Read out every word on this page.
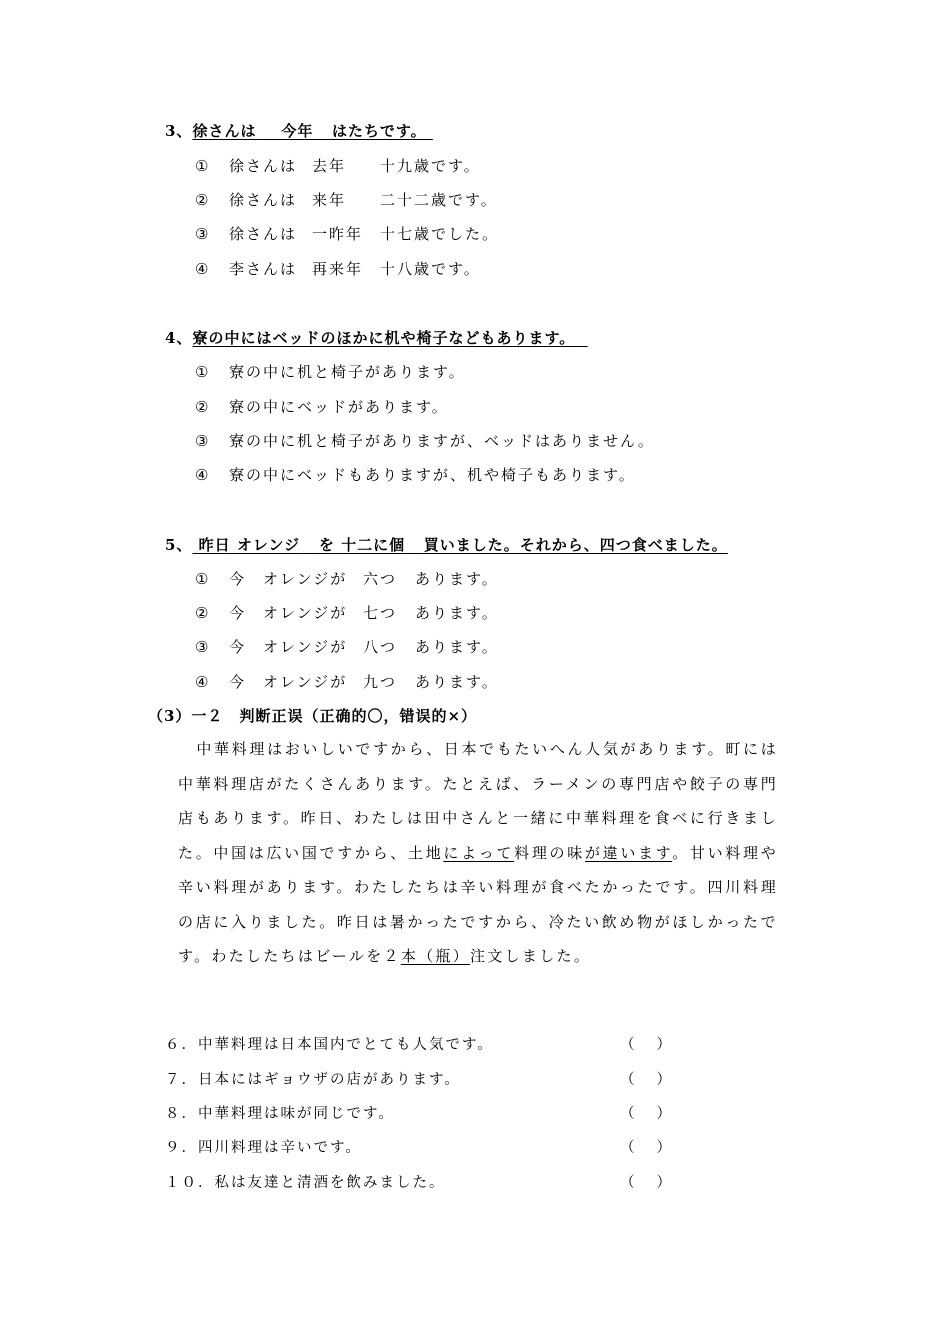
3、徐さんは 今年 はたちです。
① 徐さんは 去年 十九歳です。
② 徐さんは 来年 二十二歳です。
③ 徐さんは 一昨年 十七歳でした。
④ 李さんは 再来年 十八歳です。
4、寮の中にはベッドのほかに机や椅子などもあります。
① 寮の中に机と椅子があります。
② 寮の中にベッドがあります。
③ 寮の中に机と椅子がありますが、ベッドはありません。
④ 寮の中にベッドもありますが、机や椅子もあります。
5、 昨日 オレンジ を 十二に個 買いました。それから、四つ食べました。
① 今 オレンジが 六つ あります。
② 今 オレンジが 七つ あります。
③ 今 オレンジが 八つ あります。
④ 今 オレンジが 九つ あります。
（3）一２　判断正误（正确的〇，错误的×）
中華料理はおいしいですから、日本でもたいへん人気があります。町には中華料理店がたくさんあります。たとえば、ラーメンの専門店や餃子の専門店もあります。昨日、わたしは田中さんと一緒に中華料理を食べに行きました。中国は広い国ですから、土地によって料理の味が違います。甘い料理や辛い料理があります。わたしたちは辛い料理が食べたかったです。四川料理の店に入りました。昨日は暑かったですから、冷たい飲め物がほしかったです。わたしたちはビールを２本（瓶）注文しました。
６．中華料理は日本国内でとても人気です。	（ ）
７．日本にはギョウザの店があります。	（ ）
８．中華料理は味が同じです。	（ ）
９．四川料理は辛いです。	（ ）
１０．私は友達と清酒を飲みました。	（ ）
